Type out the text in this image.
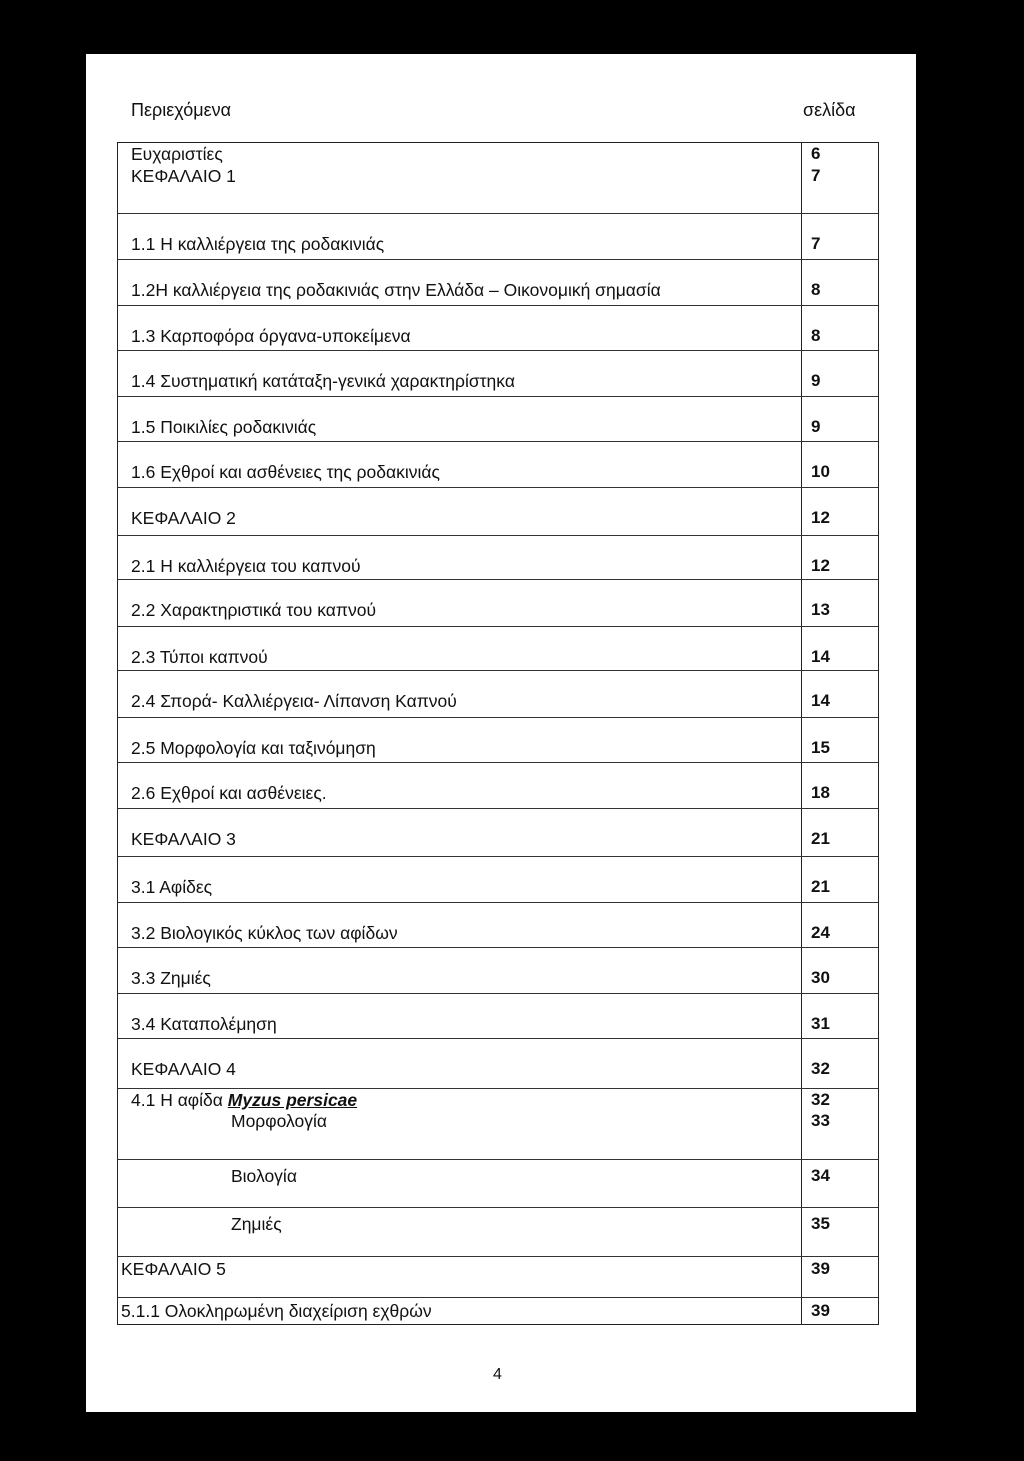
Περιεχόμενα	σελίδα
Ευχαριστίες	6
ΚΕΦΑΛΑΙΟ 1	7
1.1 Η καλλιέργεια της ροδακινιάς	7
1.2Η καλλιέργεια της ροδακινιάς στην Ελλάδα – Οικονομική σημασία	8
1.3 Καρποφόρα όργανα-υποκείμενα	8
1.4 Συστηματική κατάταξη-γενικά χαρακτηρίστηκα	9
1.5 Ποικιλίες ροδακινιάς	9
1.6 Εχθροί και ασθένειες της ροδακινιάς	10
ΚΕΦΑΛΑΙΟ 2	12
2.1 Η καλλιέργεια του καπνού	12
2.2 Χαρακτηριστικά του καπνού	13
2.3 Τύποι καπνού	14
2.4 Σπορά- Καλλιέργεια- Λίπανση Καπνού	14
2.5 Μορφολογία και ταξινόμηση	15
2.6 Εχθροί και ασθένειες.	18
ΚΕΦΑΛΑΙΟ 3	21
3.1 Αφίδες	21
3.2 Βιολογικός κύκλος των αφίδων	24
3.3 Ζημιές	30
3.4 Καταπολέμηση	31
ΚΕΦΑΛΑΙΟ 4	32
4.1 Η αφίδα Myzus persicae	32
Μορφολογία	33
Βιολογία	34
Ζημιές	35
ΚΕΦΑΛΑΙΟ 5	39
5.1.1 Ολοκληρωμένη διαχείριση εχθρών	39
4
